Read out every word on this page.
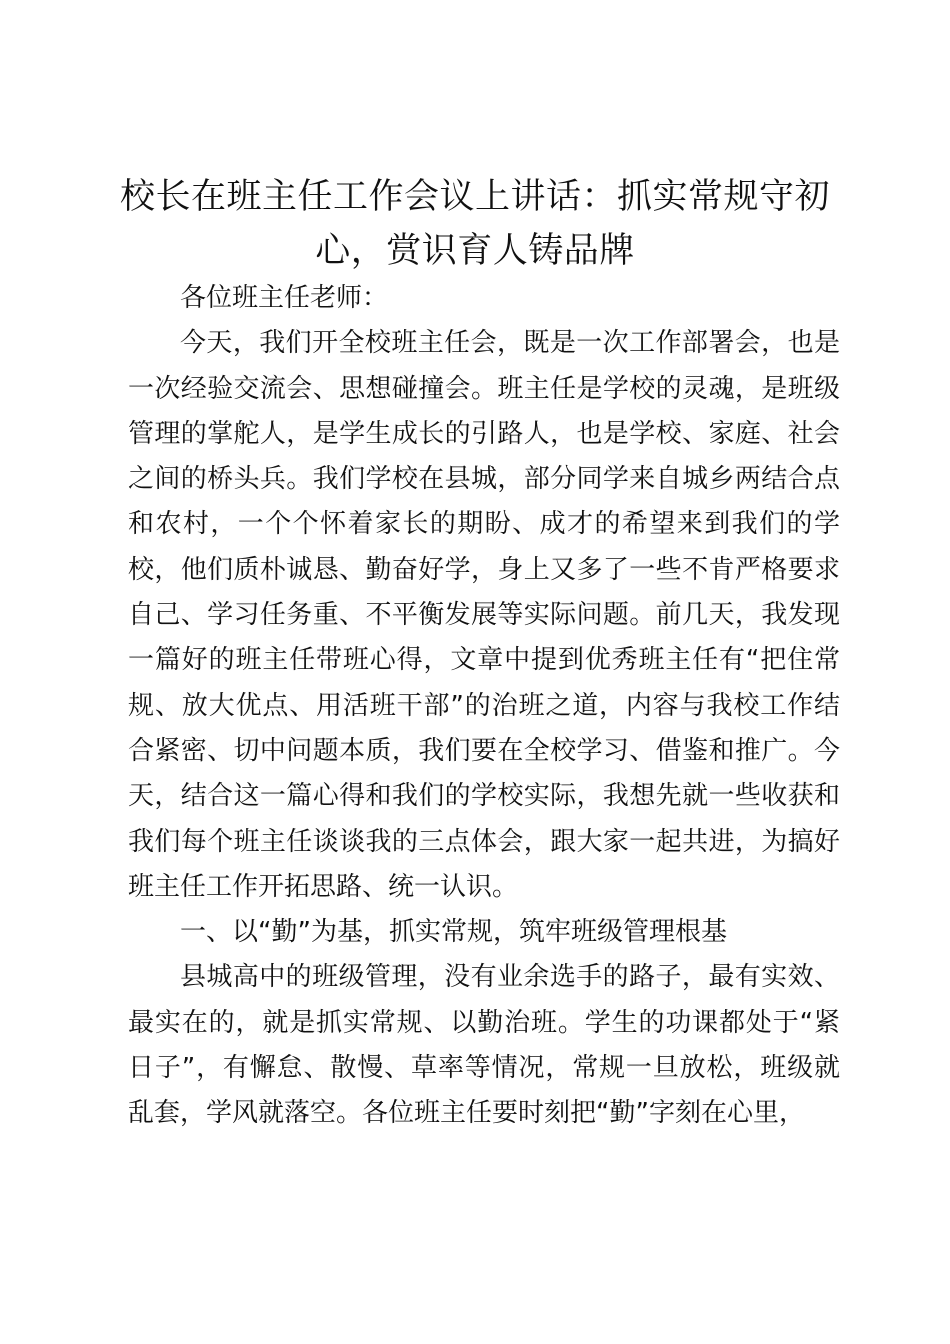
校长在班主任工作会议上讲话：抓实常规守初心，赏识育人铸品牌

各位班主任老师：

今天，我们开全校班主任会，既是一次工作部署会，也是一次经验交流会、思想碰撞会。班主任是学校的灵魂，是班级管理的掌舵人，是学生成长的引路人，也是学校、家庭、社会之间的桥头兵。我们学校在县城，部分同学来自城乡两结合点和农村，一个个怀着家长的期盼、成才的希望来到我们的学校，他们质朴诚恳、勤奋好学，身上又多了一些不肯严格要求自己、学习任务重、不平衡发展等实际问题。前几天，我发现一篇好的班主任带班心得，文章中提到优秀班主任有“把住常规、放大优点、用活班干部”的治班之道，内容与我校工作结合紧密、切中问题本质，我们要在全校学习、借鉴和推广。今天，结合这一篇心得和我们的学校实际，我想先就一些收获和我们每个班主任谈谈我的三点体会，跟大家一起共进，为搞好班主任工作开拓思路、统一认识。

一、以“勤”为基，抓实常规，筑牢班级管理根基

县城高中的班级管理，没有业余选手的路子，最有实效、最实在的，就是抓实常规、以勤治班。学生的功课都处于“紧日子”，有懈怠、散慢、草率等情况，常规一旦放松，班级就乱套，学风就落空。各位班主任要时刻把“勤”字刻在心里，
